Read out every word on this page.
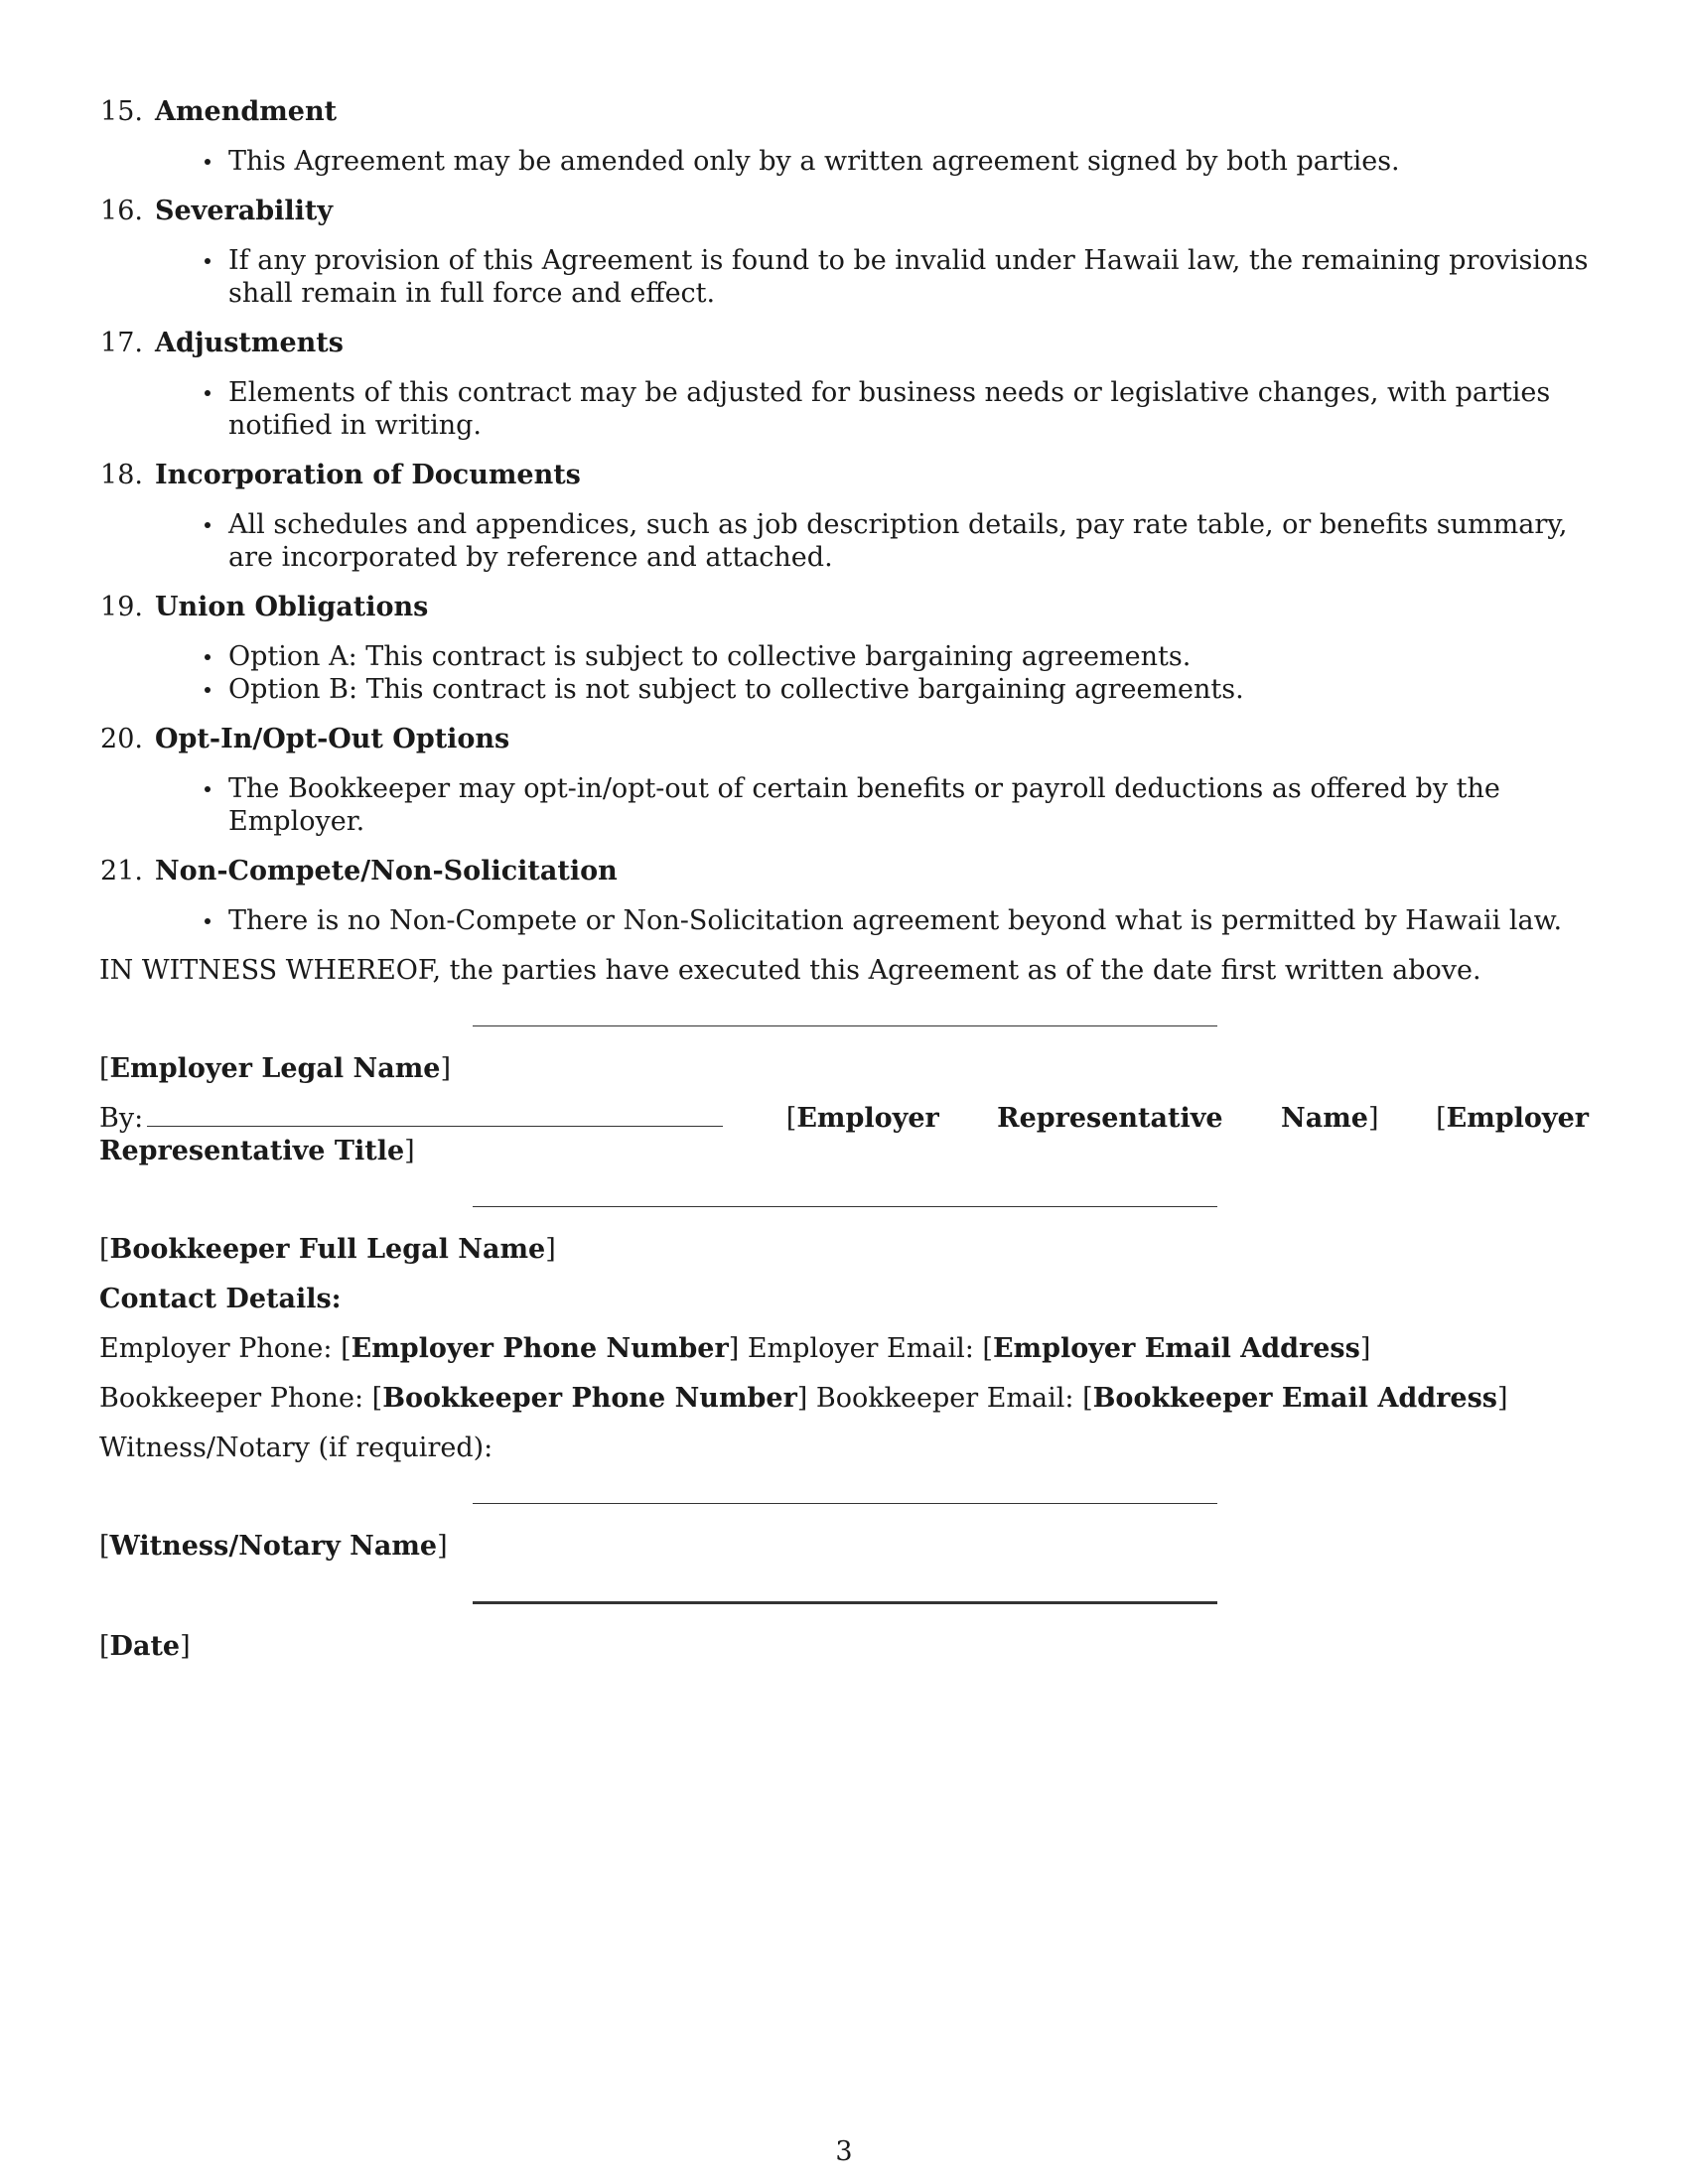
15. Amendment
This Agreement may be amended only by a written agreement signed by both parties.
16. Severability
If any provision of this Agreement is found to be invalid under Hawaii law, the remaining provisions shall remain in full force and effect.
17. Adjustments
Elements of this contract may be adjusted for business needs or legislative changes, with parties notified in writing.
18. Incorporation of Documents
All schedules and appendices, such as job description details, pay rate table, or benefits summary, are incorporated by reference and attached.
19. Union Obligations
Option A: This contract is subject to collective bargaining agreements.
Option B: This contract is not subject to collective bargaining agreements.
20. Opt-In/Opt-Out Options
The Bookkeeper may opt-in/opt-out of certain benefits or payroll deductions as offered by the Employer.
21. Non-Compete/Non-Solicitation
There is no Non-Compete or Non-Solicitation agreement beyond what is permitted by Hawaii law.

IN WITNESS WHEREOF, the parties have executed this Agreement as of the date first written above.

[Employer Legal Name]

By:	[Employer Representative Name] [Employer Representative Title]

[Bookkeeper Full Legal Name]

Contact Details:

Employer Phone: [Employer Phone Number] Employer Email: [Employer Email Address]

Bookkeeper Phone: [Bookkeeper Phone Number] Bookkeeper Email: [Bookkeeper Email Address]

Witness/Notary (if required):

[Witness/Notary Name]

[Date]

3
